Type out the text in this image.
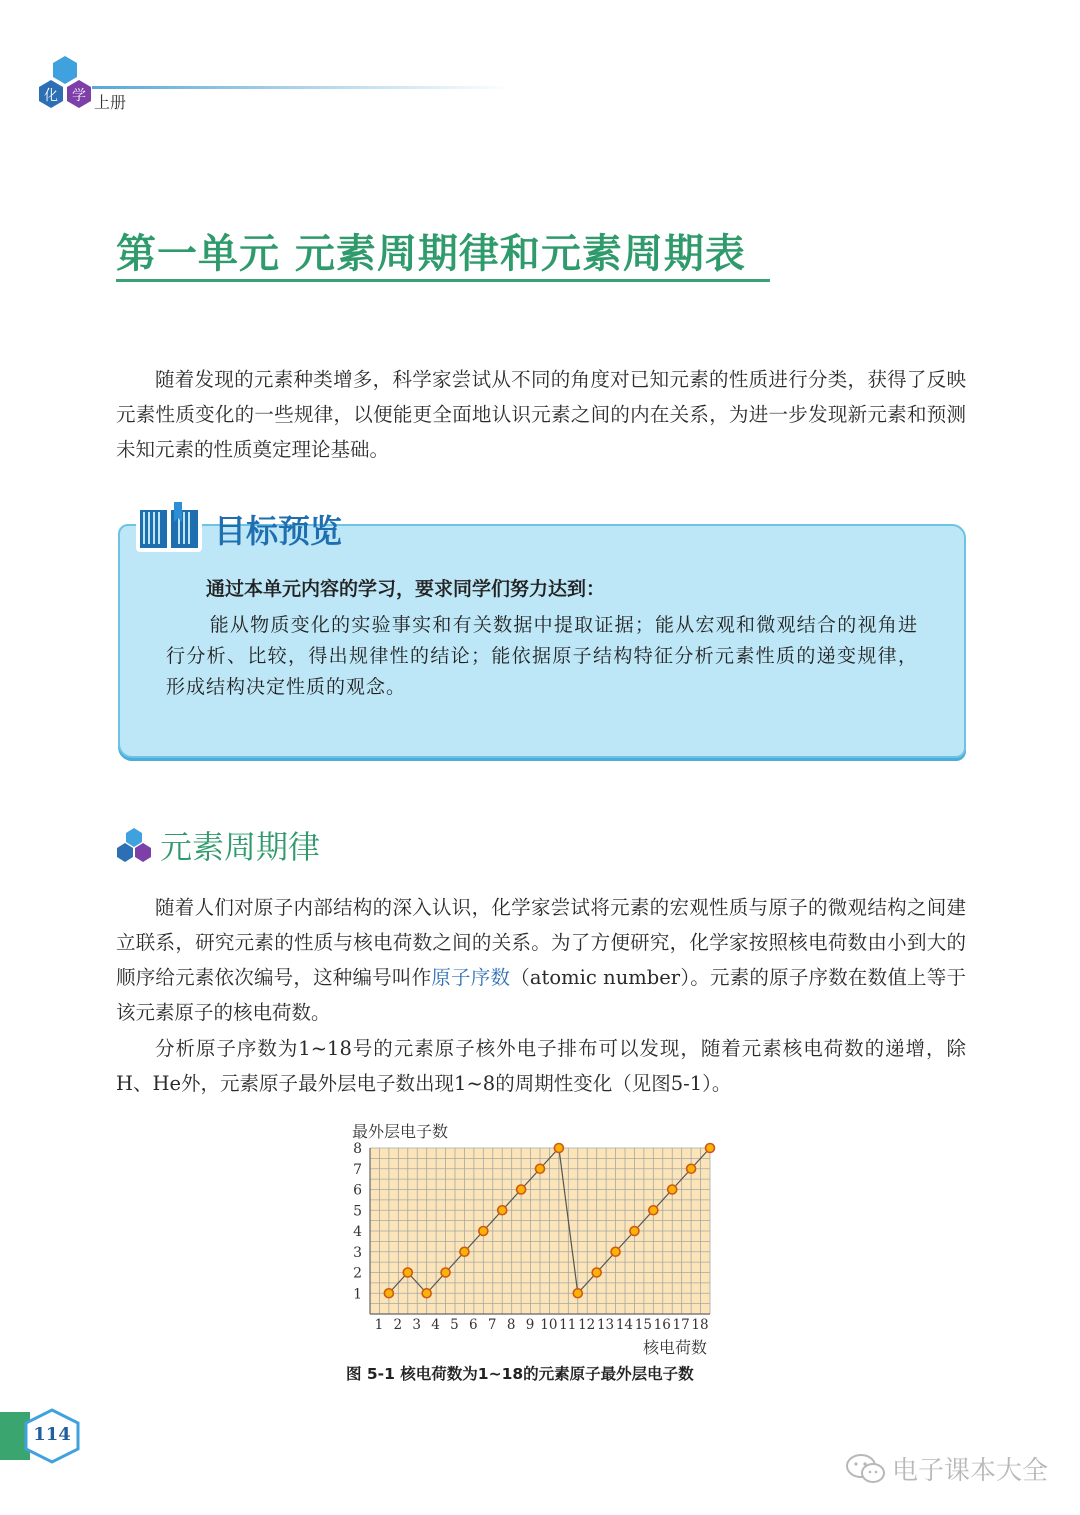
化 学 上册
第一单元 元素周期律和元素周期表

随着发现的元素种类增多，科学家尝试从不同的角度对已知元素的性质进行分类，获得了反映元素性质变化的一些规律，以便能更全面地认识元素之间的内在关系，为进一步发现新元素和预测未知元素的性质奠定理论基础。

目标预览
通过本单元内容的学习，要求同学们努力达到：

能从物质变化的实验事实和有关数据中提取证据；能从宏观和微观结合的视角进行分析、比较，得出规律性的结论；能依据原子结构特征分析元素性质的递变规律，形成结构决定性质的观念。

元素周期律

随着人们对原子内部结构的深入认识，化学家尝试将元素的宏观性质与原子的微观结构之间建立联系，研究元素的性质与核电荷数之间的关系。为了方便研究，化学家按照核电荷数由小到大的顺序给元素依次编号，这种编号叫作原子序数（atomic number）。元素的原子序数在数值上等于该元素原子的核电荷数。

分析原子序数为1~18号的元素原子核外电子排布可以发现，随着元素核电荷数的递增，除H、He外，元素原子最外层电子数出现1~8的周期性变化（见图5-1）。

1
2
3
4
5
6
7
8
1 2 3 4 5 6 7 8 9 10 11 12 13 14 15 16 17 18
最外层电子数
核电荷数
图 5-1 核电荷数为1~18的元素原子最外层电子数
114
电子课本大全
